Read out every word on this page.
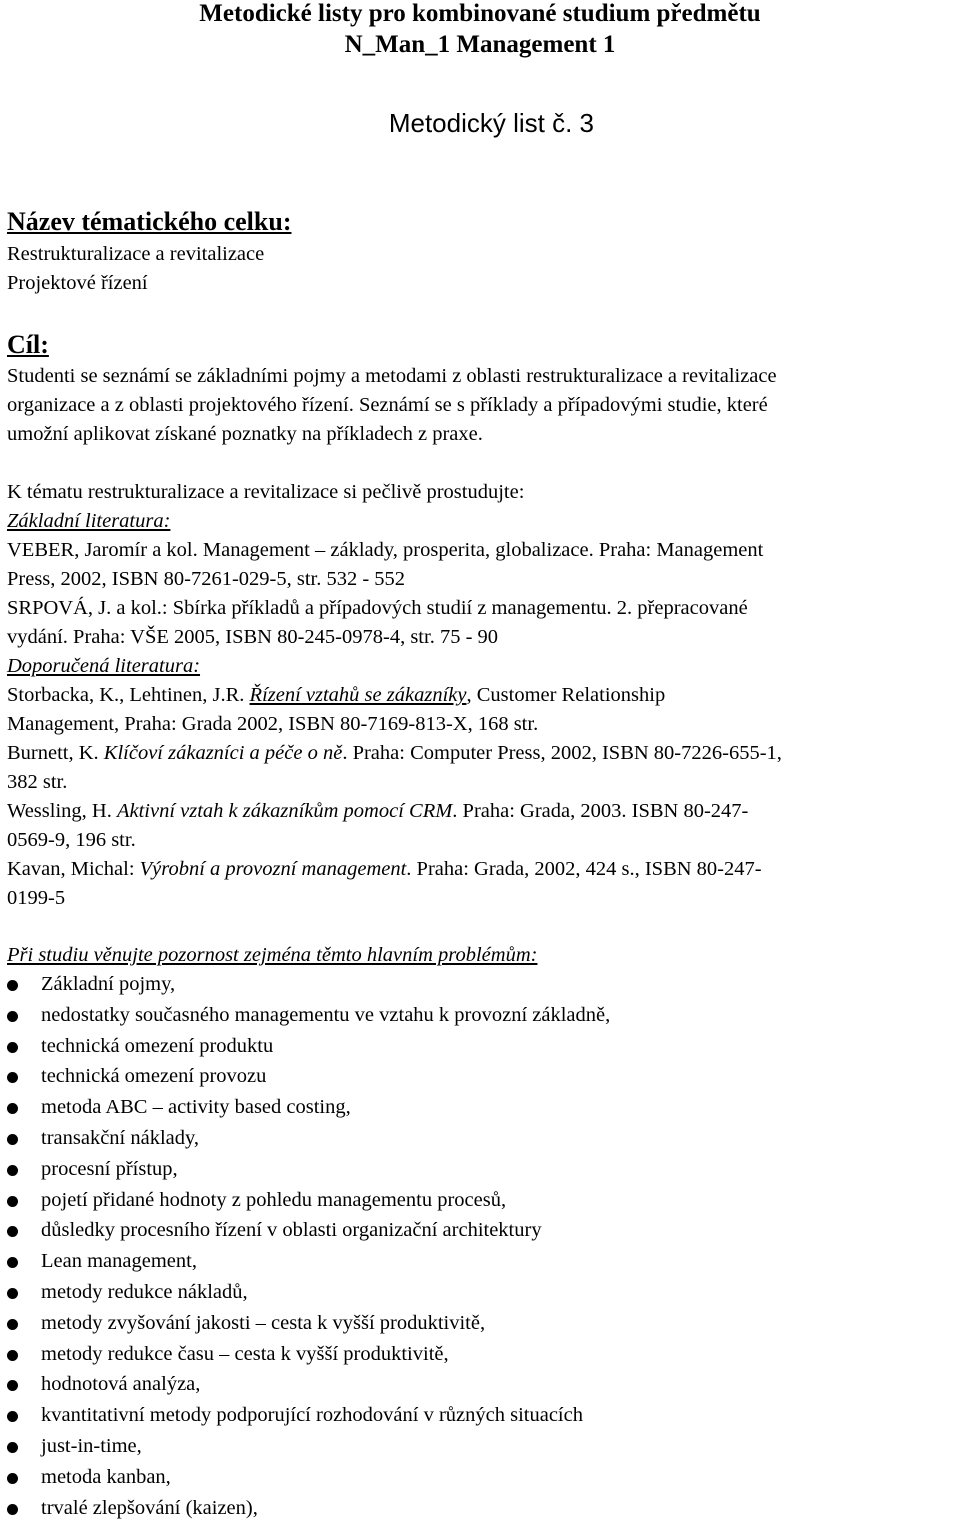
Metodické listy pro kombinované studium předmětu
N_Man_1 Management 1
Metodický list č. 3
Název tématického celku:
Restrukturalizace a revitalizace
Projektové řízení
Cíl:
Studenti se seznámí se základními pojmy a metodami z oblasti restrukturalizace a revitalizace
organizace a z oblasti projektového řízení. Seznámí se s příklady a případovými studie, které
umožní aplikovat získané poznatky na příkladech z praxe.
K tématu restrukturalizace a revitalizace si pečlivě prostudujte:
Základní literatura:
VEBER, Jaromír a kol. Management – základy, prosperita, globalizace. Praha: Management
Press, 2002, ISBN 80-7261-029-5, str. 532 - 552
SRPOVÁ, J. a kol.: Sbírka příkladů a případových studií z managementu. 2. přepracované
vydání. Praha: VŠE 2005, ISBN 80-245-0978-4, str. 75 - 90
Doporučená literatura:
Storbacka, K., Lehtinen, J.R. Řízení vztahů se zákazníky, Customer Relationship
Management, Praha: Grada 2002, ISBN 80-7169-813-X, 168 str.
Burnett, K. Klíčoví zákazníci a péče o ně. Praha: Computer Press, 2002, ISBN 80-7226-655-1,
382 str.
Wessling, H. Aktivní vztah k zákazníkům pomocí CRM. Praha: Grada, 2003. ISBN 80-247-
0569-9, 196 str.
Kavan, Michal: Výrobní a provozní management. Praha: Grada, 2002, 424 s., ISBN 80-247-
0199-5
Při studiu věnujte pozornost zejména těmto hlavním problémům:
Základní pojmy,
nedostatky současného managementu ve vztahu k provozní základně,
technická omezení produktu
technická omezení provozu
metoda ABC – activity based costing,
transakční náklady,
procesní přístup,
pojetí přidané hodnoty z pohledu managementu procesů,
důsledky procesního řízení v oblasti organizační architektury
Lean management,
metody redukce nákladů,
metody zvyšování jakosti – cesta k vyšší produktivitě,
metody redukce času – cesta k vyšší produktivitě,
hodnotová analýza,
kvantitativní metody podporující rozhodování v různých situacích
just-in-time,
metoda kanban,
trvalé zlepšování (kaizen),
